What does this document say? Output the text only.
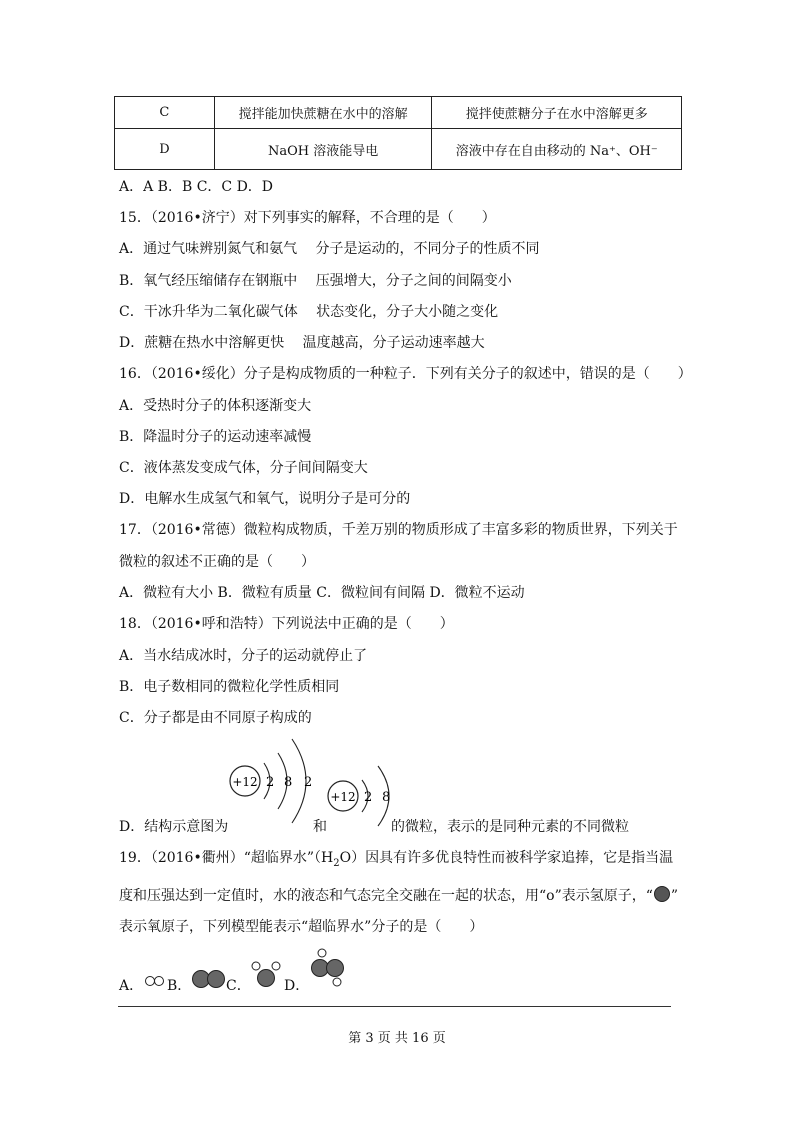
C	搅拌能加快蔗糖在水中的溶解	搅拌使蔗糖分子在水中溶解更多
D	NaOH 溶液能导电	溶液中存在自由移动的 Na⁺、OH⁻
A．A B．B C．C D．D
15．（2016•济宁）对下列事实的解释，不合理的是（　　）
A．通过气味辨别氮气和氨气　 分子是运动的，不同分子的性质不同
B．氧气经压缩储存在钢瓶中　 压强增大，分子之间的间隔变小
C．干冰升华为二氧化碳气体　 状态变化，分子大小随之变化
D．蔗糖在热水中溶解更快　 温度越高，分子运动速率越大
16．（2016•绥化）分子是构成物质的一种粒子．下列有关分子的叙述中，错误的是（　　）
A．受热时分子的体积逐渐变大
B．降温时分子的运动速率减慢
C．液体蒸发变成气体，分子间间隔变大
D．电解水生成氢气和氧气，说明分子是可分的
17．（2016•常德）微粒构成物质，千差万别的物质形成了丰富多彩的物质世界，下列关于
微粒的叙述不正确的是（　　）
A．微粒有大小 B．微粒有质量 C．微粒间有间隔 D．微粒不运动
18．（2016•呼和浩特）下列说法中正确的是（　　）
A．当水结成冰时，分子的运动就停止了
B．电子数相同的微粒化学性质相同
C．分子都是由不同原子构成的
+12 2 8 2
+12 2 8
D．结构示意图为	和	的微粒，表示的是同种元素的不同微粒
19．（2016•衢州）“超临界水$”(H_2O)$因具有许多优良特性而被科学家追捧，它是指当温
度和压强达到一定值时，水的液态和气态完全交融在一起的状态，用“o”表示氢原子，“ ”
表示氧原子，下列模型能表示“超临界水”分子的是（　　）
A． B． C． D．
第 3 页 共 16 页
